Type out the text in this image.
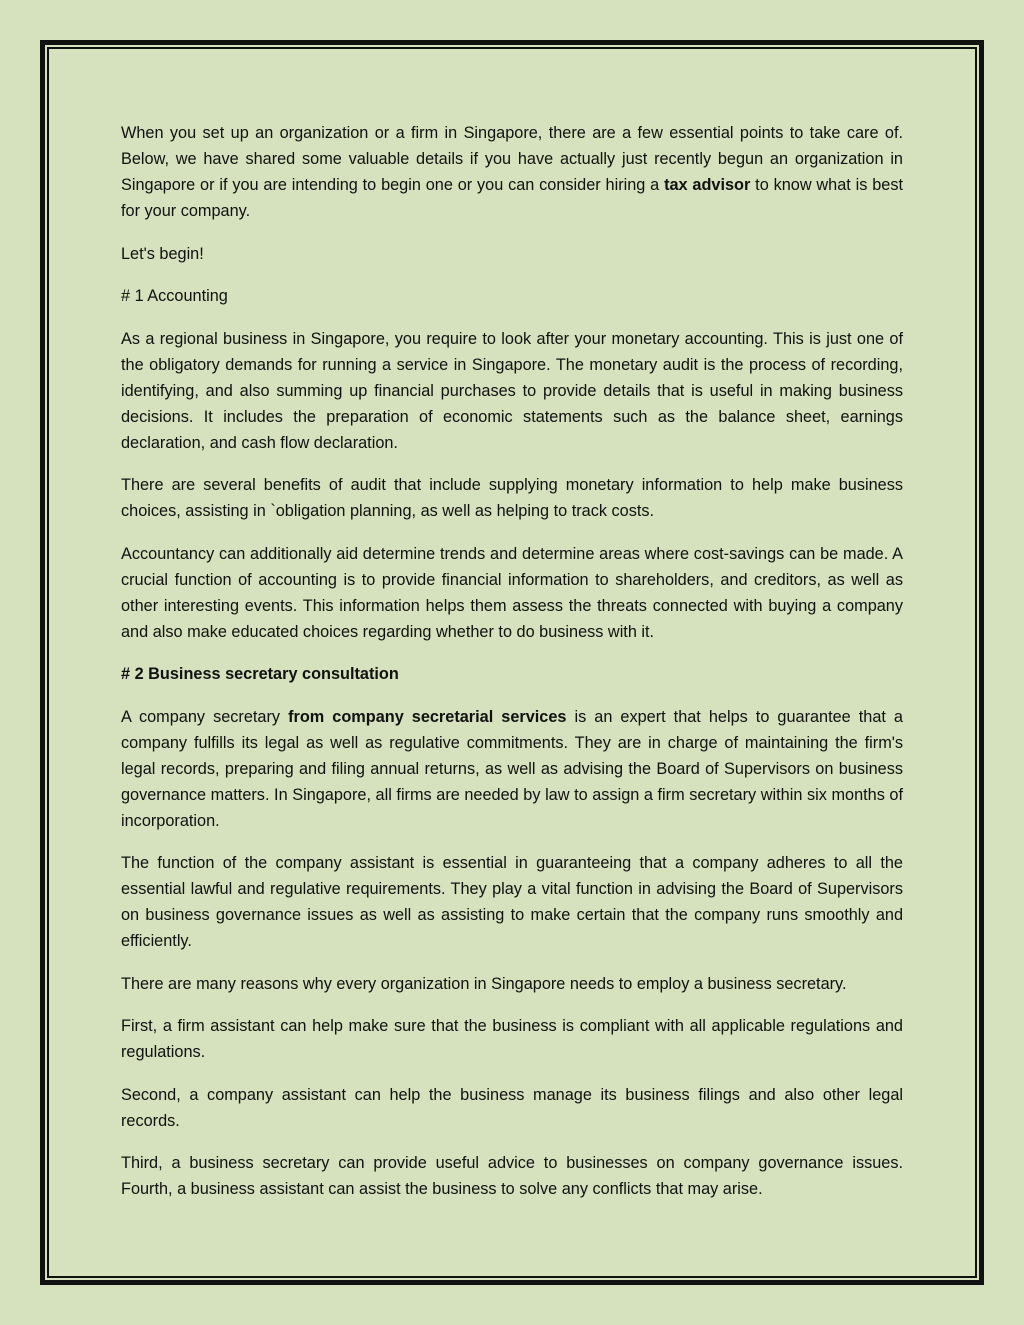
When you set up an organization or a firm in Singapore, there are a few essential points to take care of. Below, we have shared some valuable details if you have actually just recently begun an organization in Singapore or if you are intending to begin one or you can consider hiring a tax advisor to know what is best for your company.

Let's begin!

# 1 Accounting

As a regional business in Singapore, you require to look after your monetary accounting. This is just one of the obligatory demands for running a service in Singapore. The monetary audit is the process of recording, identifying, and also summing up financial purchases to provide details that is useful in making business decisions. It includes the preparation of economic statements such as the balance sheet, earnings declaration, and cash flow declaration.

There are several benefits of audit that include supplying monetary information to help make business choices, assisting in `obligation planning, as well as helping to track costs.

Accountancy can additionally aid determine trends and determine areas where cost-savings can be made. A crucial function of accounting is to provide financial information to shareholders, and creditors, as well as other interesting events. This information helps them assess the threats connected with buying a company and also make educated choices regarding whether to do business with it.

# 2 Business secretary consultation

A company secretary from company secretarial services is an expert that helps to guarantee that a company fulfills its legal as well as regulative commitments. They are in charge of maintaining the firm's legal records, preparing and filing annual returns, as well as advising the Board of Supervisors on business governance matters. In Singapore, all firms are needed by law to assign a firm secretary within six months of incorporation.

The function of the company assistant is essential in guaranteeing that a company adheres to all the essential lawful and regulative requirements. They play a vital function in advising the Board of Supervisors on business governance issues as well as assisting to make certain that the company runs smoothly and efficiently.

There are many reasons why every organization in Singapore needs to employ a business secretary.

First, a firm assistant can help make sure that the business is compliant with all applicable regulations and regulations.

Second, a company assistant can help the business manage its business filings and also other legal records.

Third, a business secretary can provide useful advice to businesses on company governance issues.
Fourth, a business assistant can assist the business to solve any conflicts that may arise.
